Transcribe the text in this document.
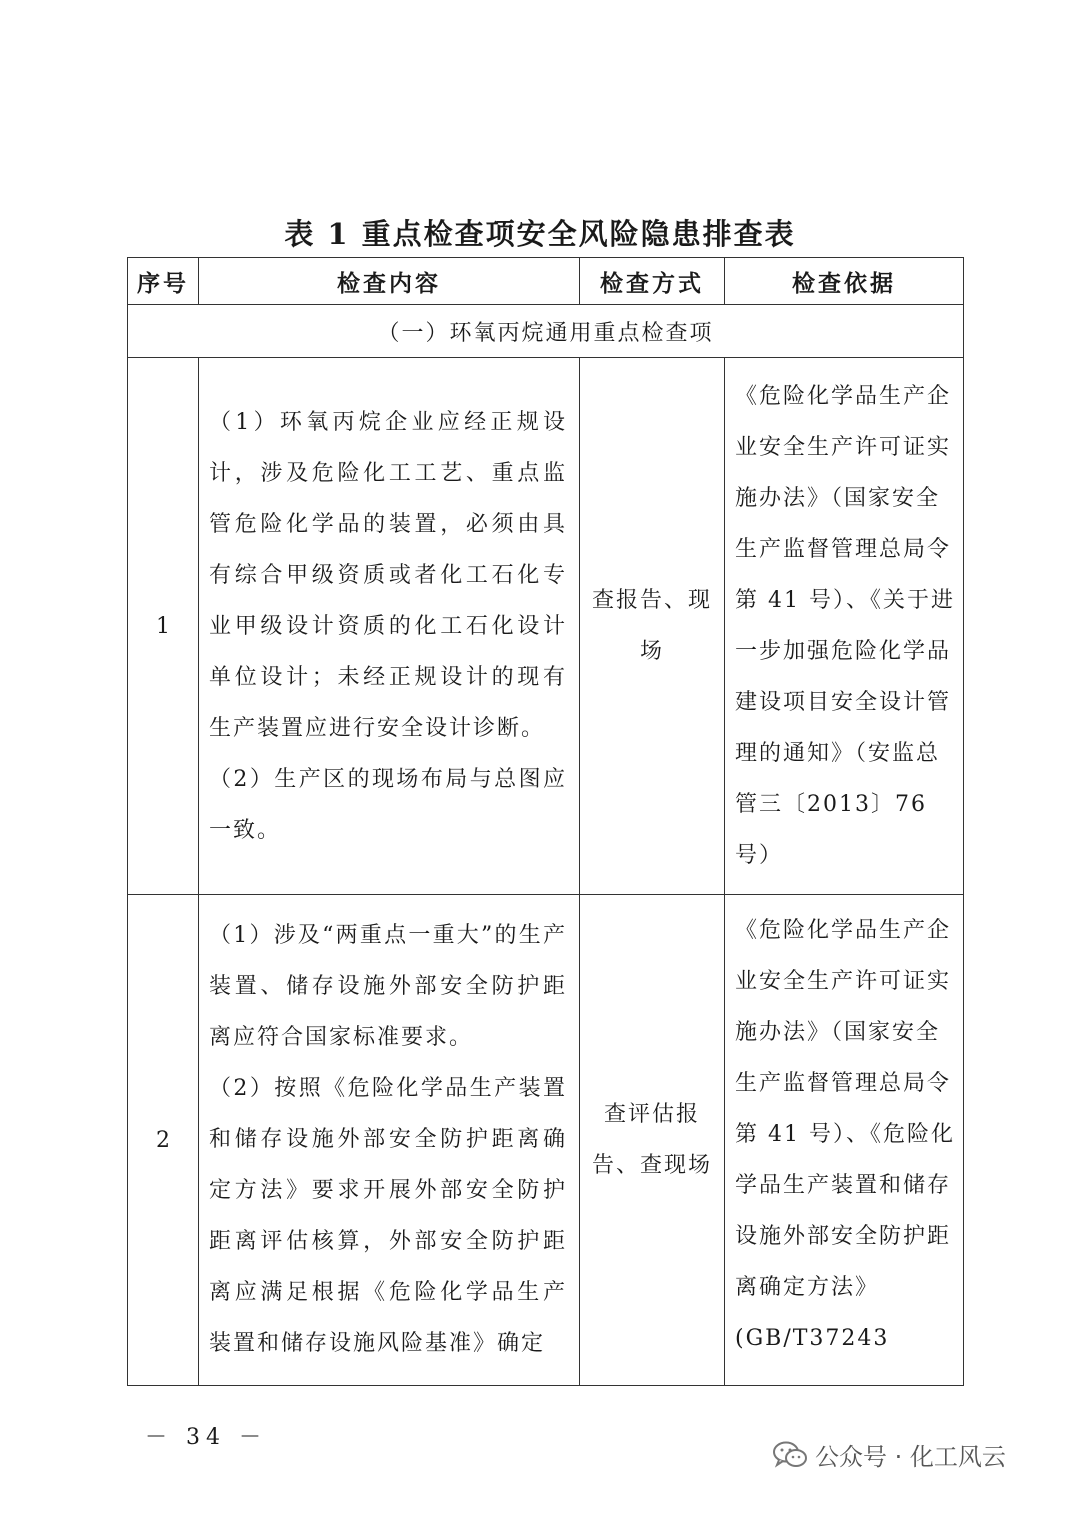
表 1 重点检查项安全风险隐患排查表
序号	检查内容	检查方式	检查依据
（一）环氧丙烷通用重点检查项			
1	（1）环氧丙烷企业应经正规设计，涉及危险化工工艺、重点监管危险化学品的装置，必须由具有综合甲级资质或者化工石化专业甲级设计资质的化工石化设计单位设计；未经正规设计的现有生产装置应进行安全设计诊断。

（2）生产区的现场布局与总图应一致。	查报告、现场	《危险化学品生产企业安全生产许可证实施办法》（国家安全生产监督管理总局令第 41 号）、《关于进一步加强危险化学品建设项目安全设计管理的通知》（安监总管三〔2013〕76 号）
2	（1）涉及“两重点一重大”的生产装置、储存设施外部安全防护距离应符合国家标准要求。

（2）按照《危险化学品生产装置和储存设施外部安全防护距离确定方法》要求开展外部安全防护距离评估核算，外部安全防护距离应满足根据《危险化学品生产装置和储存设施风险基准》确定	查评估报告、查现场	《危险化学品生产企业安全生产许可证实施办法》（国家安全生产监督管理总局令第 41 号）、《危险化学品生产装置和储存设施外部安全防护距离确定方法》(GB/T37243
－ 34 －
公众号 · 化工风云
